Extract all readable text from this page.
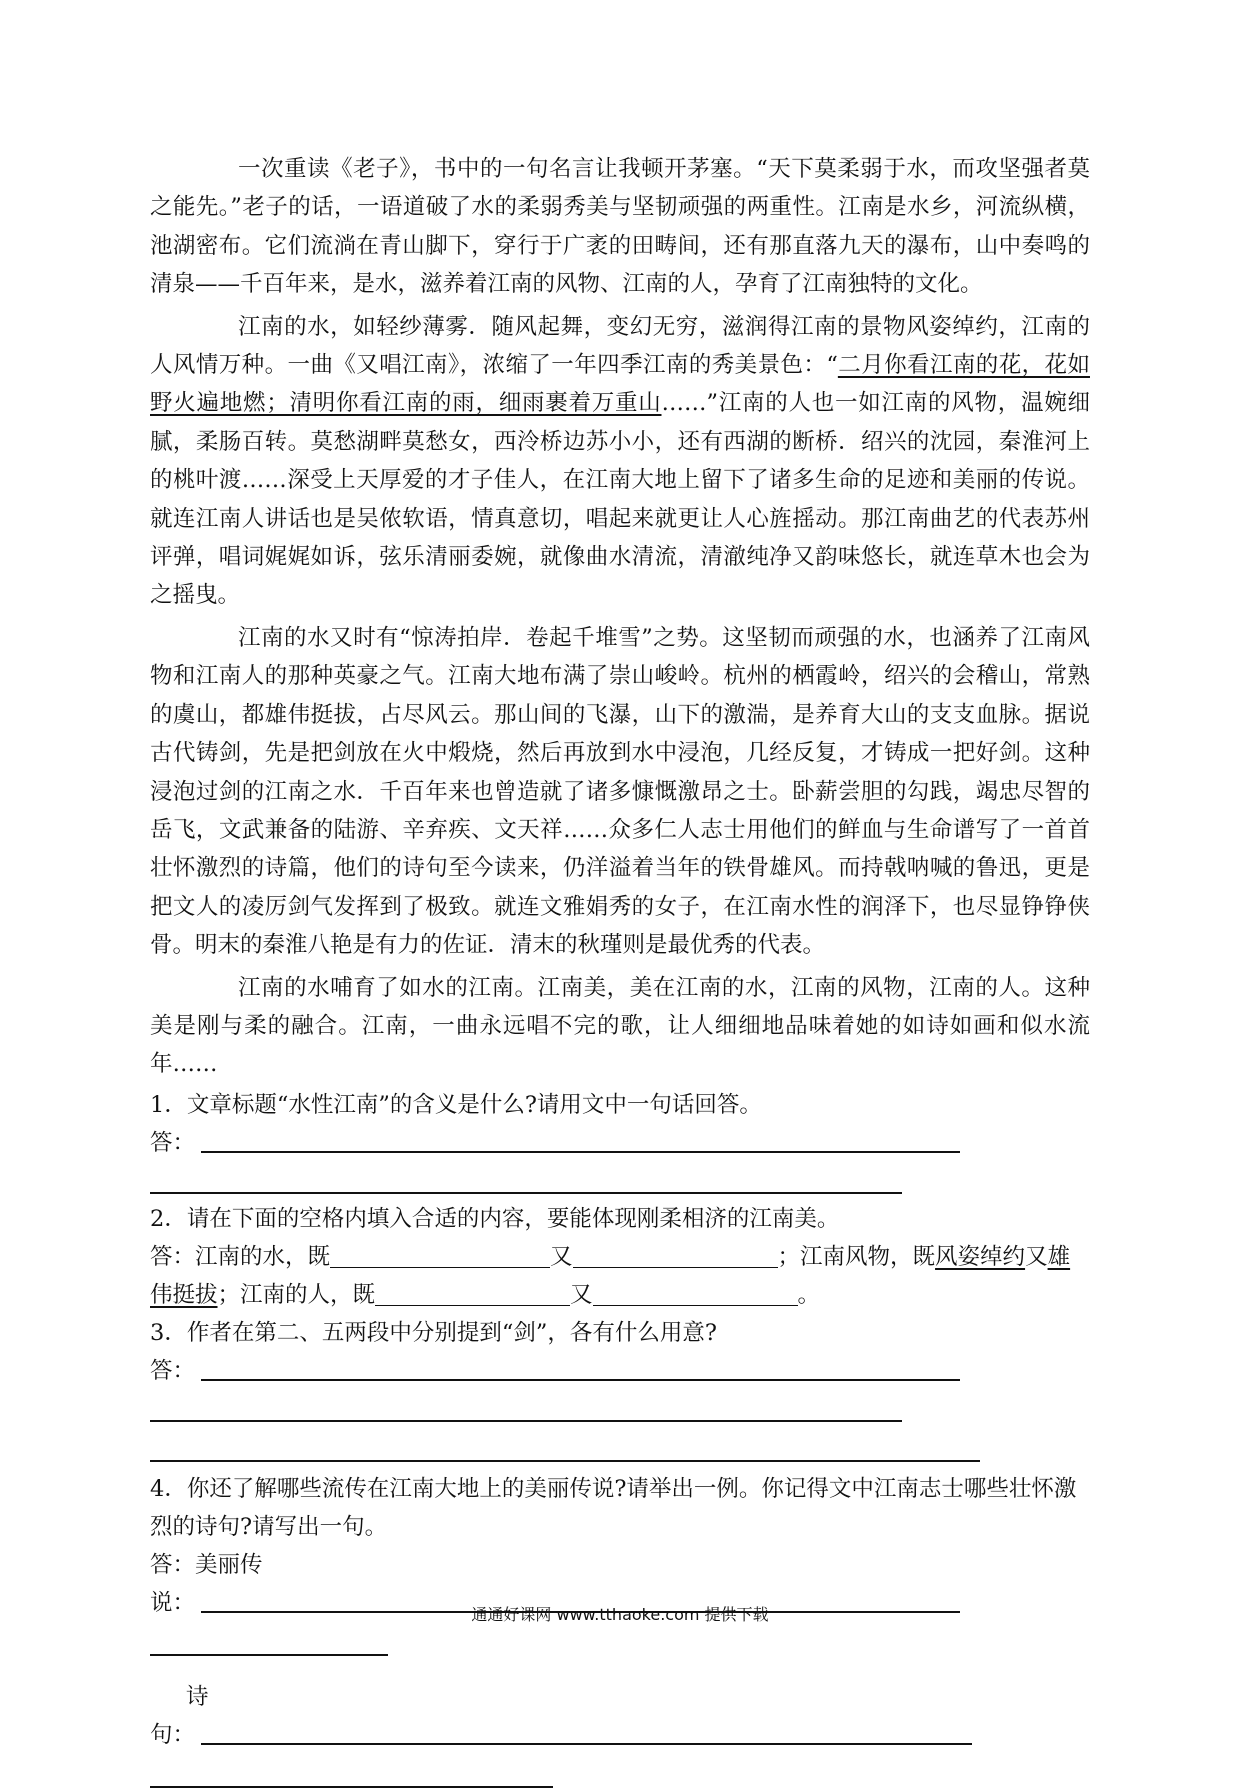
一次重读《老子》，书中的一句名言让我顿开茅塞。“天下莫柔弱于水，而攻坚强者莫之能先。”老子的话，一语道破了水的柔弱秀美与坚韧顽强的两重性。江南是水乡，河流纵横，池湖密布。它们流淌在青山脚下，穿行于广袤的田畴间，还有那直落九天的瀑布，山中奏鸣的清泉——千百年来，是水，滋养着江南的风物、江南的人，孕育了江南独特的文化。

江南的水，如轻纱薄雾．随风起舞，变幻无穷，滋润得江南的景物风姿绰约，江南的人风情万种。一曲《又唱江南》，浓缩了一年四季江南的秀美景色：“二月你看江南的花，花如野火遍地燃；清明你看江南的雨，细雨裹着万重山……”江南的人也一如江南的风物，温婉细腻，柔肠百转。莫愁湖畔莫愁女，西泠桥边苏小小，还有西湖的断桥．绍兴的沈园，秦淮河上的桃叶渡……深受上天厚爱的才子佳人，在江南大地上留下了诸多生命的足迹和美丽的传说。就连江南人讲话也是吴侬软语，情真意切，唱起来就更让人心旌摇动。那江南曲艺的代表苏州评弹，唱词娓娓如诉，弦乐清丽委婉，就像曲水清流，清澈纯净又韵味悠长，就连草木也会为之摇曳。

江南的水又时有“惊涛拍岸．卷起千堆雪”之势。这坚韧而顽强的水，也涵养了江南风物和江南人的那种英豪之气。江南大地布满了崇山峻岭。杭州的栖霞岭，绍兴的会稽山，常熟的虞山，都雄伟挺拔，占尽风云。那山间的飞瀑，山下的激湍，是养育大山的支支血脉。据说古代铸剑，先是把剑放在火中煅烧，然后再放到水中浸泡，几经反复，才铸成一把好剑。这种浸泡过剑的江南之水．千百年来也曾造就了诸多慷慨激昂之士。卧薪尝胆的勾践，竭忠尽智的岳飞，文武兼备的陆游、辛弃疾、文天祥……众多仁人志士用他们的鲜血与生命谱写了一首首壮怀激烈的诗篇，他们的诗句至今读来，仍洋溢着当年的铁骨雄风。而持戟呐喊的鲁迅，更是把文人的凌厉剑气发挥到了极致。就连文雅娟秀的女子，在江南水性的润泽下，也尽显铮铮侠骨。明末的秦淮八艳是有力的佐证．清末的秋瑾则是最优秀的代表。

江南的水哺育了如水的江南。江南美，美在江南的水，江南的风物，江南的人。这种美是刚与柔的融合。江南，一曲永远唱不完的歌，让人细细地品味着她的如诗如画和似水流年……

1．文章标题“水性江南”的含义是什么?请用文中一句话回答。

答：

2．请在下面的空格内填入合适的内容，要能体现刚柔相济的江南美。

答：江南的水，既	又	；江南风物，既风姿绰约又雄伟挺拔；江南的人，既	又	。

3．作者在第二、五两段中分别提到“剑”，各有什么用意?

答：

4．你还了解哪些流传在江南大地上的美丽传说?请举出一例。你记得文中江南志士哪些壮怀激烈的诗句?请写出一句。

答：美丽传

说：

诗

句：
通通好课网 www.tthaoke.com 提供下载
